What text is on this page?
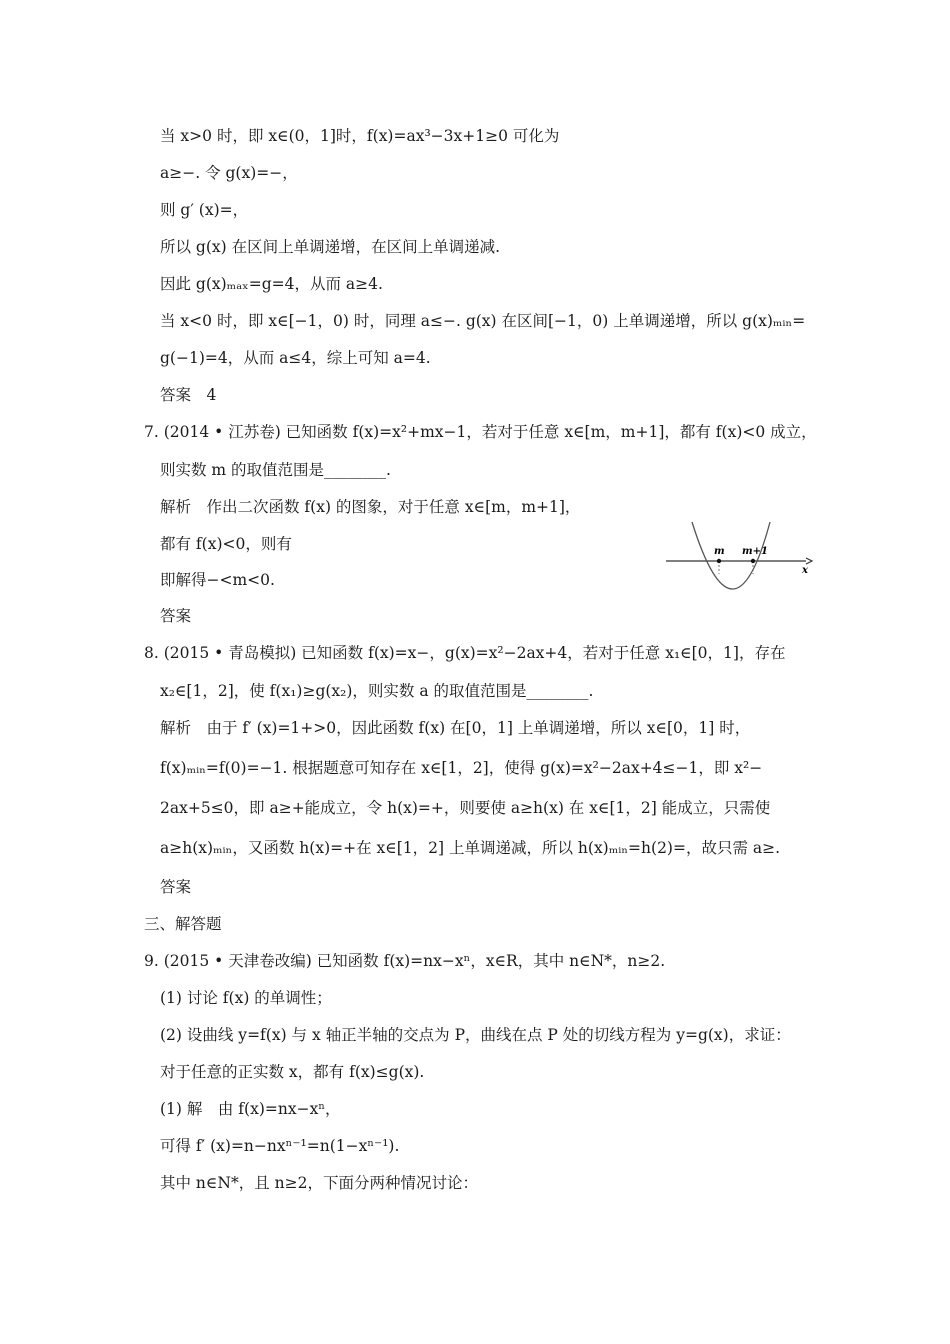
当 x>0 时，即 x∈(0，1]时，f(x)=ax³−3x+1≥0 可化为
a≥−. 令 g(x)=−，
则 g′ (x)=，
所以 g(x) 在区间上单调递增，在区间上单调递减.
因此 g(x)ₘₐₓ=g=4，从而 a≥4.
当 x<0 时，即 x∈[−1，0) 时，同理 a≤−. g(x) 在区间[−1，0) 上单调递增，所以 g(x)ₘᵢₙ=
g(−1)=4，从而 a≤4，综上可知 a=4.
答案　4
7. (2014 • 江苏卷) 已知函数 f(x)=x²+mx−1，若对于任意 x∈[m，m+1]，都有 f(x)<0 成立，
则实数 m 的取值范围是________.
解析　作出二次函数 f(x) 的图象，对于任意 x∈[m，m+1]，
都有 f(x)<0，则有
即解得−<m<0.
答案
m m+1
x
8. (2015 • 青岛模拟) 已知函数 f(x)=x−，g(x)=x²−2ax+4，若对于任意 x₁∈[0，1]，存在
x₂∈[1，2]，使 f(x₁)≥g(x₂)，则实数 a 的取值范围是________.
解析　由于 f′ (x)=1+>0，因此函数 f(x) 在[0，1] 上单调递增，所以 x∈[0，1] 时，
f(x)ₘᵢₙ=f(0)=−1. 根据题意可知存在 x∈[1，2]，使得 g(x)=x²−2ax+4≤−1，即 x²−
2ax+5≤0，即 a≥+能成立，令 h(x)=+，则要使 a≥h(x) 在 x∈[1，2] 能成立，只需使
a≥h(x)ₘᵢₙ，又函数 h(x)=+在 x∈[1，2] 上单调递减，所以 h(x)ₘᵢₙ=h(2)=，故只需 a≥.
答案
三、解答题
9. (2015 • 天津卷改编) 已知函数 f(x)=nx−xⁿ，x∈R，其中 n∈N*，n≥2.
(1) 讨论 f(x) 的单调性；
(2) 设曲线 y=f(x) 与 x 轴正半轴的交点为 P，曲线在点 P 处的切线方程为 y=g(x)，求证：
对于任意的正实数 x，都有 f(x)≤g(x).
(1) 解　由 f(x)=nx−xⁿ，
可得 f′ (x)=n−nxⁿ⁻¹=n(1−xⁿ⁻¹).
其中 n∈N*，且 n≥2，下面分两种情况讨论：
